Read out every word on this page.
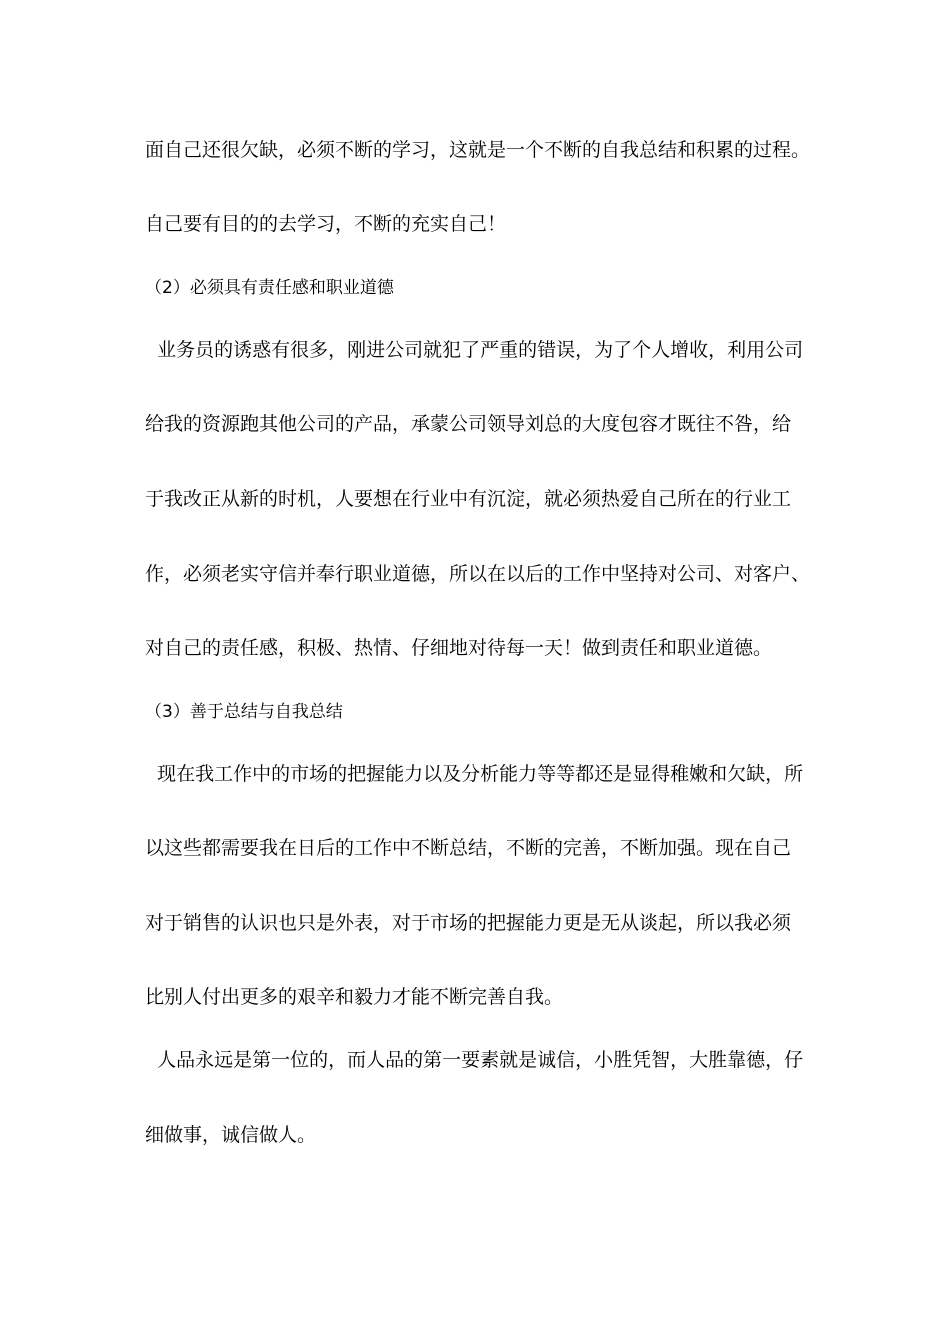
面自己还很欠缺，必须不断的学习，这就是一个不断的自我总结和积累的过程。
自己要有目的的去学习，不断的充实自己！
（2）必须具有责任感和职业道德
业务员的诱惑有很多，刚进公司就犯了严重的错误，为了个人增收，利用公司
给我的资源跑其他公司的产品，承蒙公司领导刘总的大度包容才既往不咎，给
于我改正从新的时机，人要想在行业中有沉淀，就必须热爱自己所在的行业工
作，必须老实守信并奉行职业道德，所以在以后的工作中坚持对公司、对客户、
对自己的责任感，积极、热情、仔细地对待每一天！做到责任和职业道德。
（3）善于总结与自我总结
现在我工作中的市场的把握能力以及分析能力等等都还是显得稚嫩和欠缺，所
以这些都需要我在日后的工作中不断总结，不断的完善，不断加强。现在自己
对于销售的认识也只是外表，对于市场的把握能力更是无从谈起，所以我必须
比别人付出更多的艰辛和毅力才能不断完善自我。
人品永远是第一位的，而人品的第一要素就是诚信，小胜凭智，大胜靠德，仔
细做事，诚信做人。
